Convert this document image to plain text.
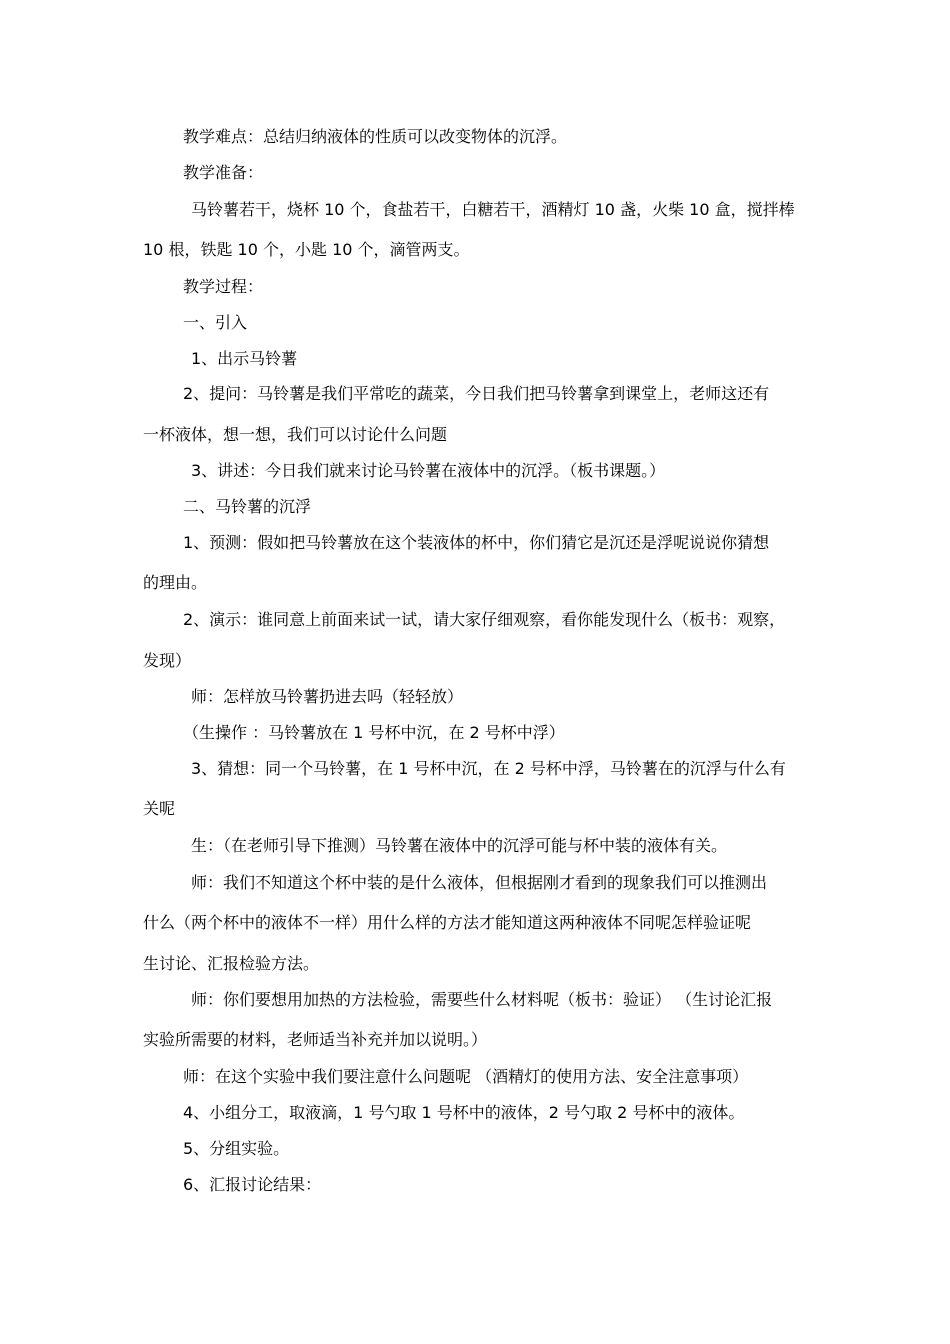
教学难点：总结归纳液体的性质可以改变物体的沉浮。
教学准备：
马铃薯若干，烧杯 10 个，食盐若干，白糖若干，酒精灯 10 盏，火柴 10 盒，搅拌棒
10 根，铁匙 10 个，小匙 10 个，滴管两支。
教学过程：
一、引入
1、出示马铃薯
2、提问：马铃薯是我们平常吃的蔬菜，今日我们把马铃薯拿到课堂上，老师这还有
一杯液体，想一想，我们可以讨论什么问题
3、讲述：今日我们就来讨论马铃薯在液体中的沉浮。（板书课题。）
二、马铃薯的沉浮
1、预测：假如把马铃薯放在这个装液体的杯中，你们猜它是沉还是浮呢说说你猜想
的理由。
2、演示：谁同意上前面来试一试，请大家仔细观察，看你能发现什么（板书：观察，
发现）
师：怎样放马铃薯扔进去吗（轻轻放）
（生操作 ：马铃薯放在 1 号杯中沉，在 2 号杯中浮）
3、猜想：同一个马铃薯，在 1 号杯中沉，在 2 号杯中浮，马铃薯在的沉浮与什么有
关呢
生：（在老师引导下推测）马铃薯在液体中的沉浮可能与杯中装的液体有关。
师：我们不知道这个杯中装的是什么液体，但根据刚才看到的现象我们可以推测出
什么（两个杯中的液体不一样）用什么样的方法才能知道这两种液体不同呢怎样验证呢
生讨论、汇报检验方法。
师：你们要想用加热的方法检验，需要些什么材料呢（板书：验证） （生讨论汇报
实验所需要的材料，老师适当补充并加以说明。）
师：在这个实验中我们要注意什么问题呢 （酒精灯的使用方法、安全注意事项）
4、小组分工，取液滴，1 号勺取 1 号杯中的液体，2 号勺取 2 号杯中的液体。
5、分组实验。
6、汇报讨论结果：
